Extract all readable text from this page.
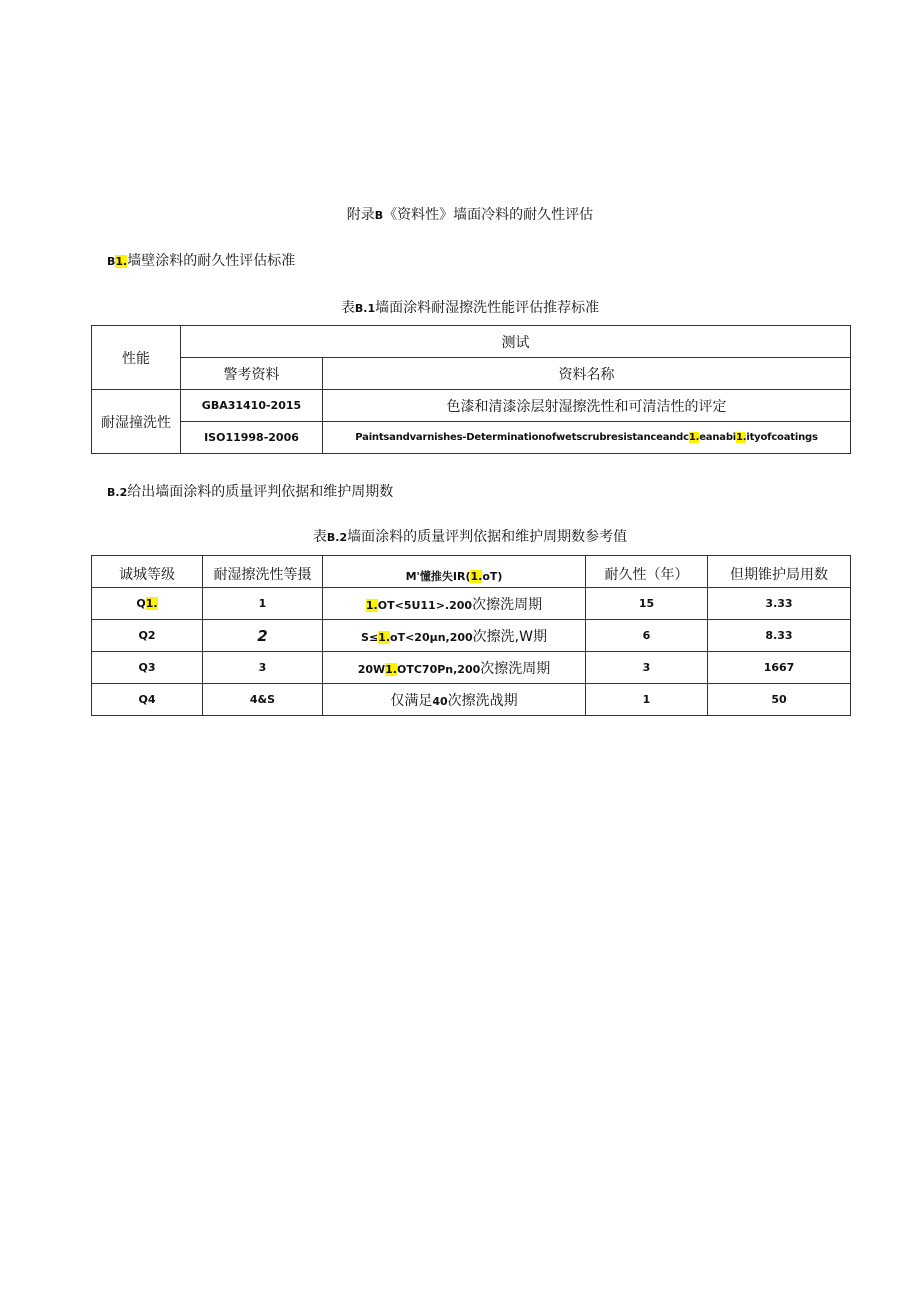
附录B《资料性》墙面冷料的耐久性评估
B1.墙壁涂料的耐久性评估标准
表B.1墙面涂料耐湿擦洗性能评估推荐标准
性能	测试	
	警考资料	资料名称
耐湿撞洗性	GBA31410-2015	色漆和清漆涂层射湿擦洗性和可清洁性的评定
	ISO11998-2006	Paintsandvarnishes-Determinationofwetscrubresistanceandc1.eanabi1.ityofcoatings
B.2给出墙面涂料的质量评判依据和维护周期数
表B.2墙面涂料的质量评判依据和维护周期数参考值
诚城等级	耐湿擦洗性等摄	M'懂推失IR(1.oT)	耐久性（年）	但期锥护局用数
Q1.	1	1.OT<5U11>.200次擦洗周期	15	3.33
Q2	2	S≤1.oT<20μn,200次擦洗,W期	6	8.33
Q3	3	20W1.OTC70Pn,200次擦洗周期	3	1667
Q4	4&S	仅满足40次擦洗战期	1	50
